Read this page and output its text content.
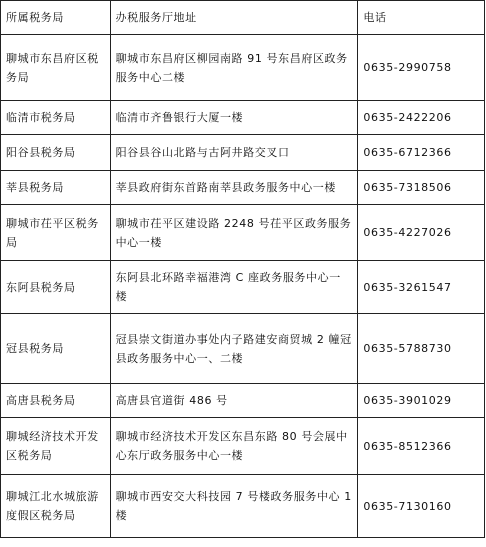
所属税务局	办税服务厅地址	电话
聊城市东昌府区税务局	聊城市东昌府区柳园南路 91 号东昌府区政务服务中心二楼	0635-2990758
临清市税务局	临清市齐鲁银行大厦一楼	0635-2422206
阳谷县税务局	阳谷县谷山北路与古阿井路交叉口	0635-6712366
莘县税务局	莘县政府街东首路南莘县政务服务中心一楼	0635-7318506
聊城市茌平区税务局	聊城市茌平区建设路 2248 号茌平区政务服务中心一楼	0635-4227026
东阿县税务局	东阿县北环路幸福港湾 C 座政务服务中心一楼	0635-3261547
冠县税务局	冠县崇文街道办事处内子路建安商贸城 2 幢冠县政务服务中心一、二楼	0635-5788730
高唐县税务局	高唐县官道街 486 号	0635-3901029
聊城经济技术开发区税务局	聊城市经济技术开发区东昌东路 80 号会展中心东厅政务服务中心一楼	0635-8512366
聊城江北水城旅游度假区税务局	聊城市西安交大科技园 7 号楼政务服务中心 1 楼	0635-7130160
